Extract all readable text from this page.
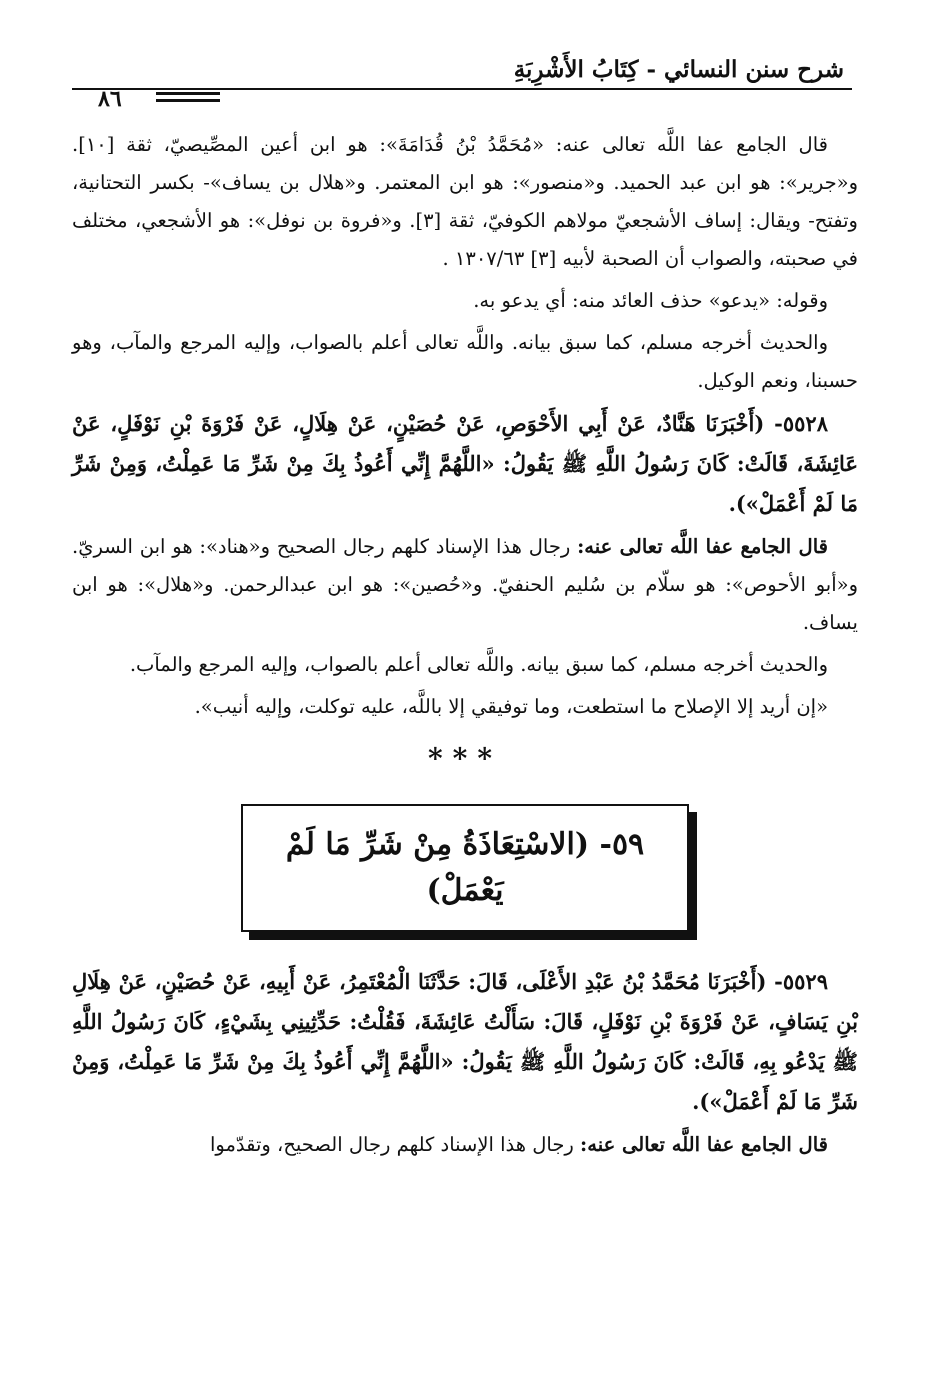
شرح سنن النسائي - كِتَابُ الأَشْرِبَةِ
٨٦

قال الجامع عفا اللَّه تعالى عنه: «مُحَمَّدُ بْنُ قُدَامَةَ»: هو ابن أعين المصِّيصيّ، ثقة [١٠]. و«جرير»: هو ابن عبد الحميد. و«منصور»: هو ابن المعتمر. و«هلال بن يساف»- بكسر التحتانية، وتفتح- ويقال: إساف الأشجعيّ مولاهم الكوفيّ، ثقة [٣]. و«فروة بن نوفل»: هو الأشجعي، مختلف في صحبته، والصواب أن الصحبة لأبيه [٣] ١٣٠٧/٦٣ .

وقوله: «يدعو» حذف العائد منه: أي يدعو به.

والحديث أخرجه مسلم، كما سبق بيانه. واللَّه تعالى أعلم بالصواب، وإليه المرجع والمآب، وهو حسبنا، ونعم الوكيل.

٥٥٢٨- (أَخْبَرَنَا هَنَّادٌ، عَنْ أَبِي الأَحْوَصِ، عَنْ حُصَيْنٍ، عَنْ هِلَالٍ، عَنْ فَرْوَةَ بْنِ نَوْفَلٍ، عَنْ عَائِشَةَ، قَالَتْ: كَانَ رَسُولُ اللَّهِ ﷺ يَقُولُ: «اللَّهُمَّ إِنِّي أَعُوذُ بِكَ مِنْ شَرِّ مَا عَمِلْتُ، وَمِنْ شَرِّ مَا لَمْ أَعْمَلْ»).

قال الجامع عفا اللَّه تعالى عنه: رجال هذا الإسناد كلهم رجال الصحيح و«هناد»: هو ابن السريّ. و«أبو الأحوص»: هو سلّام بن سُليم الحنفيّ. و«حُصين»: هو ابن عبدالرحمن. و«هلال»: هو ابن يساف.

والحديث أخرجه مسلم، كما سبق بيانه. واللَّه تعالى أعلم بالصواب، وإليه المرجع والمآب.

«إن أريد إلا الإصلاح ما استطعت، وما توفيقي إلا باللَّه، عليه توكلت، وإليه أنيب».

***
٥٩- (الاسْتِعَاذَةُ مِنْ شَرِّ مَا لَمْ يَعْمَلْ)

٥٥٢٩- (أَخْبَرَنَا مُحَمَّدُ بْنُ عَبْدِ الأَعْلَى، قَالَ: حَدَّثَنَا الْمُعْتَمِرُ، عَنْ أَبِيهِ، عَنْ حُصَيْنٍ، عَنْ هِلَالِ بْنِ يَسَافٍ، عَنْ فَرْوَةَ بْنِ نَوْفَلٍ، قَالَ: سَأَلْتُ عَائِشَةَ، فَقُلْتُ: حَدِّثِينِي بِشَيْءٍ، كَانَ رَسُولُ اللَّهِ ﷺ يَدْعُو بِهِ، قَالَتْ: كَانَ رَسُولُ اللَّهِ ﷺ يَقُولُ: «اللَّهُمَّ إِنِّي أَعُوذُ بِكَ مِنْ شَرِّ مَا عَمِلْتُ، وَمِنْ شَرِّ مَا لَمْ أَعْمَلْ»).

قال الجامع عفا اللَّه تعالى عنه: رجال هذا الإسناد كلهم رجال الصحيح، وتقدّموا
